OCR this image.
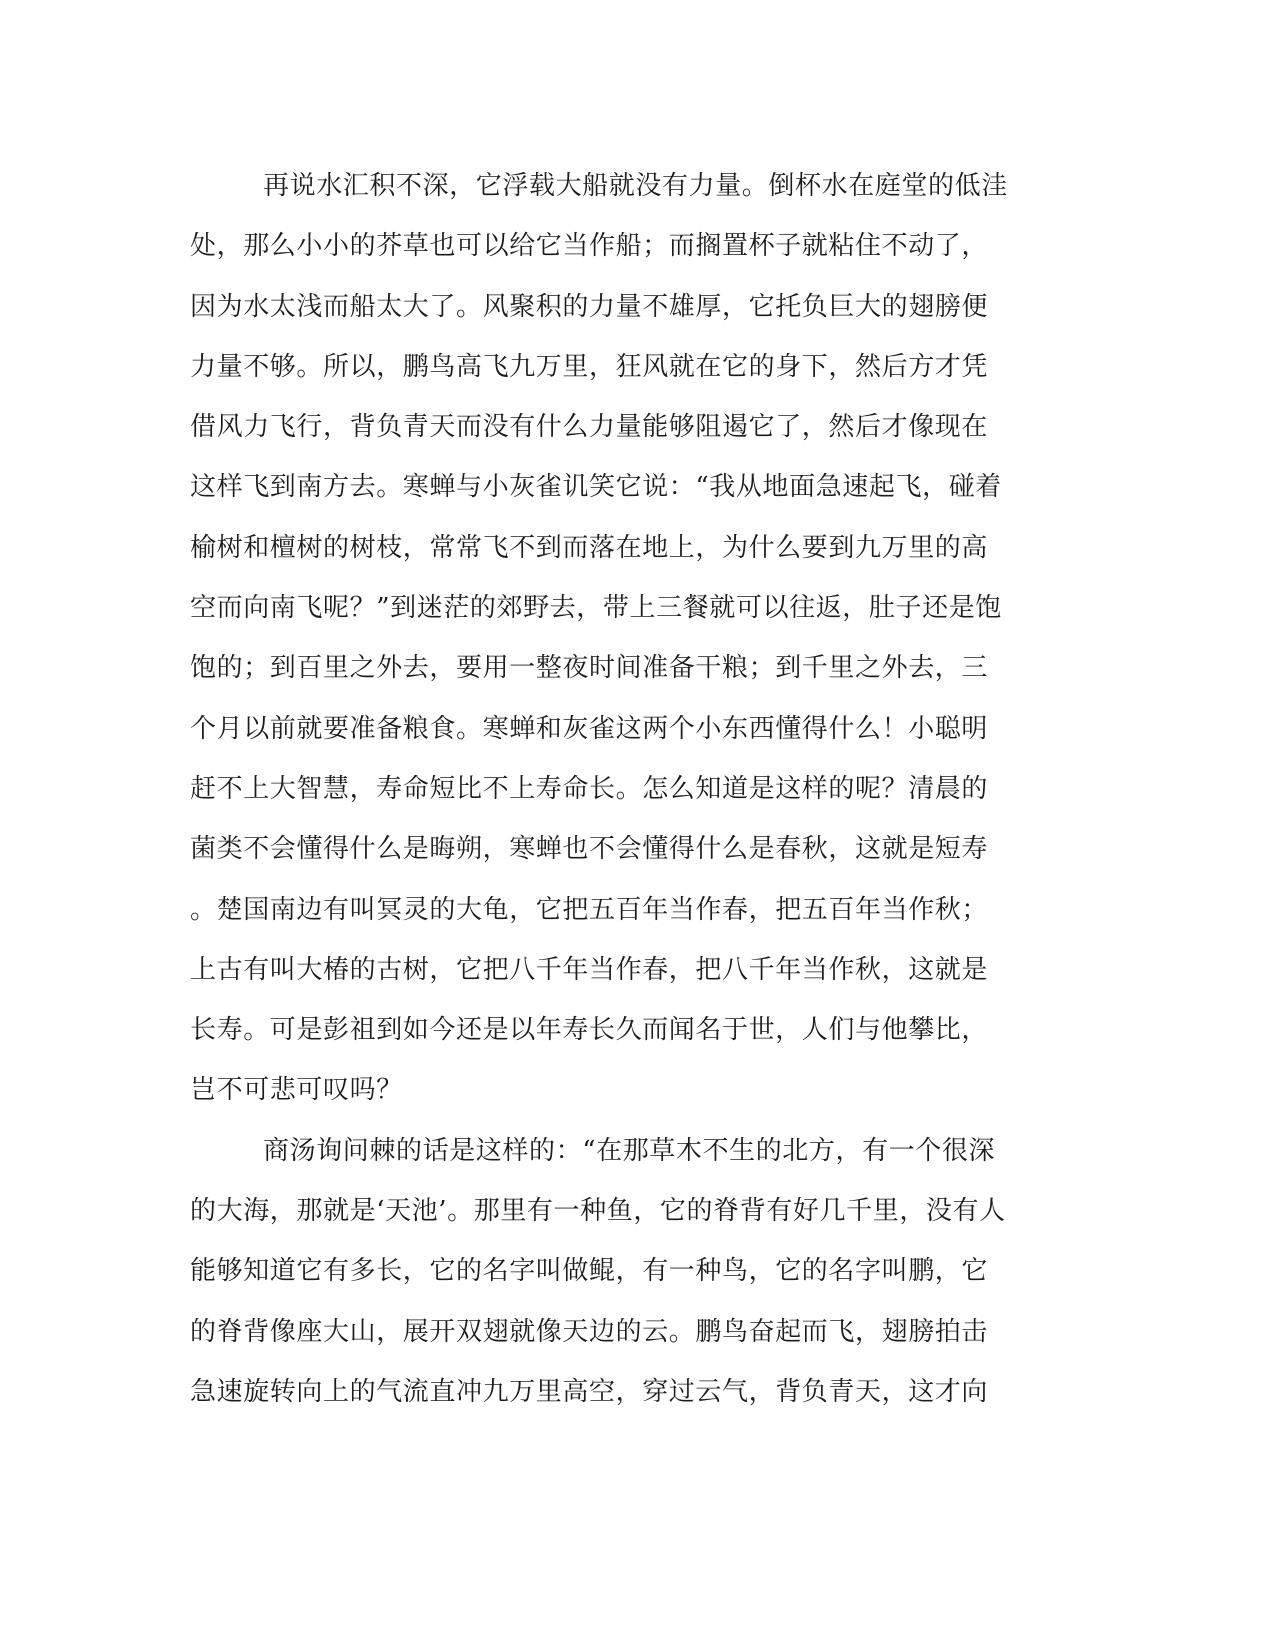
再说水汇积不深，它浮载大船就没有力量。倒杯水在庭堂的低洼
处，那么小小的芥草也可以给它当作船；而搁置杯子就粘住不动了，
因为水太浅而船太大了。风聚积的力量不雄厚，它托负巨大的翅膀便
力量不够。所以，鹏鸟高飞九万里，狂风就在它的身下，然后方才凭
借风力飞行，背负青天而没有什么力量能够阻遏它了，然后才像现在
这样飞到南方去。寒蝉与小灰雀讥笑它说：“我从地面急速起飞，碰着
榆树和檀树的树枝，常常飞不到而落在地上，为什么要到九万里的高
空而向南飞呢？”到迷茫的郊野去，带上三餐就可以往返，肚子还是饱
饱的；到百里之外去，要用一整夜时间准备干粮；到千里之外去，三
个月以前就要准备粮食。寒蝉和灰雀这两个小东西懂得什么！小聪明
赶不上大智慧，寿命短比不上寿命长。怎么知道是这样的呢？清晨的
菌类不会懂得什么是晦朔，寒蝉也不会懂得什么是春秋，这就是短寿
。楚国南边有叫冥灵的大龟，它把五百年当作春，把五百年当作秋；
上古有叫大椿的古树，它把八千年当作春，把八千年当作秋，这就是
长寿。可是彭祖到如今还是以年寿长久而闻名于世，人们与他攀比，
岂不可悲可叹吗？
商汤询问棘的话是这样的：“在那草木不生的北方，有一个很深
的大海，那就是‘天池’。那里有一种鱼，它的脊背有好几千里，没有人
能够知道它有多长，它的名字叫做鲲，有一种鸟，它的名字叫鹏，它
的脊背像座大山，展开双翅就像天边的云。鹏鸟奋起而飞，翅膀拍击
急速旋转向上的气流直冲九万里高空，穿过云气，背负青天，这才向
